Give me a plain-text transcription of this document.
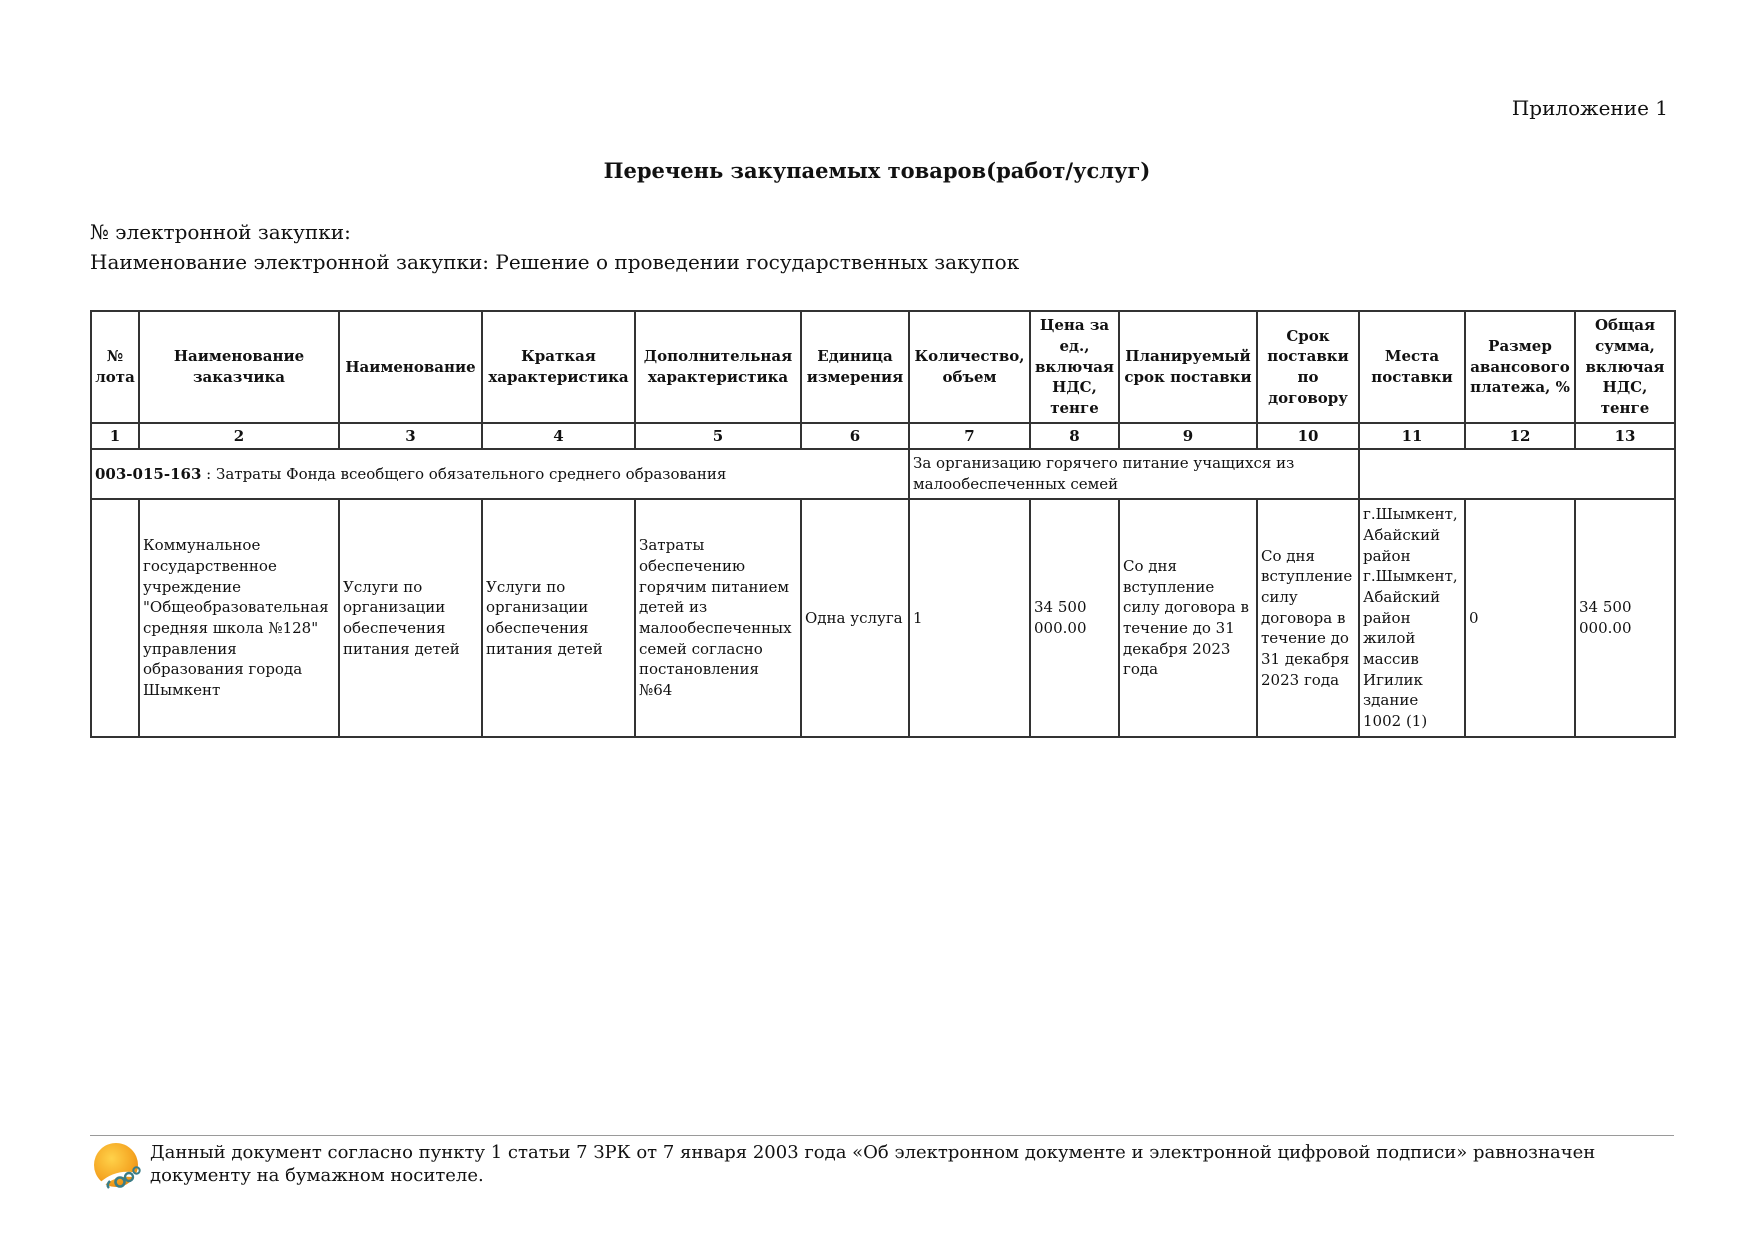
Приложение 1
Перечень закупаемых товаров(работ/услуг)
№ электронной закупки:
Наименование электронной закупки: Решение о проведении государственных закупок
№ лота	Наименование заказчика	Наименование	Краткая характеристика	Дополнительная характеристика	Единица измерения	Количество, объем	Цена за ед., включая НДС, тенге	Планируемый срок поставки	Срок поставки по договору	Места поставки	Размер авансового платежа, %	Общая сумма, включая НДС, тенге
1	2	3	4	5	6	7	8	9	10	11	12	13
003-015-163 : Затраты Фонда всеобщего обязательного среднего образования						За организацию горячего питание учащихся из малообеспеченных семей						
	Коммунальное государственное учреждение "Общеобразовательная средняя школа №128" управления образования города Шымкент	Услуги по организации обеспечения питания детей	Услуги по организации обеспечения питания детей	Затраты обеспечению горячим питанием детей из малообеспеченных семей согласно постановления №64	Одна услуга	1	34 500 000.00	Со дня вступление силу договора в течение до 31 декабря 2023 года	Со дня вступление силу договора в течение до 31 декабря 2023 года	г.Шымкент, Абайский район г.Шымкент, Абайский район жилой массив Игилик здание 1002 (1)	0	34 500 000.00
Данный документ согласно пункту 1 статьи 7 ЗРК от 7 января 2003 года «Об электронном документе и электронной цифровой подписи» равнозначен документу на бумажном носителе.
